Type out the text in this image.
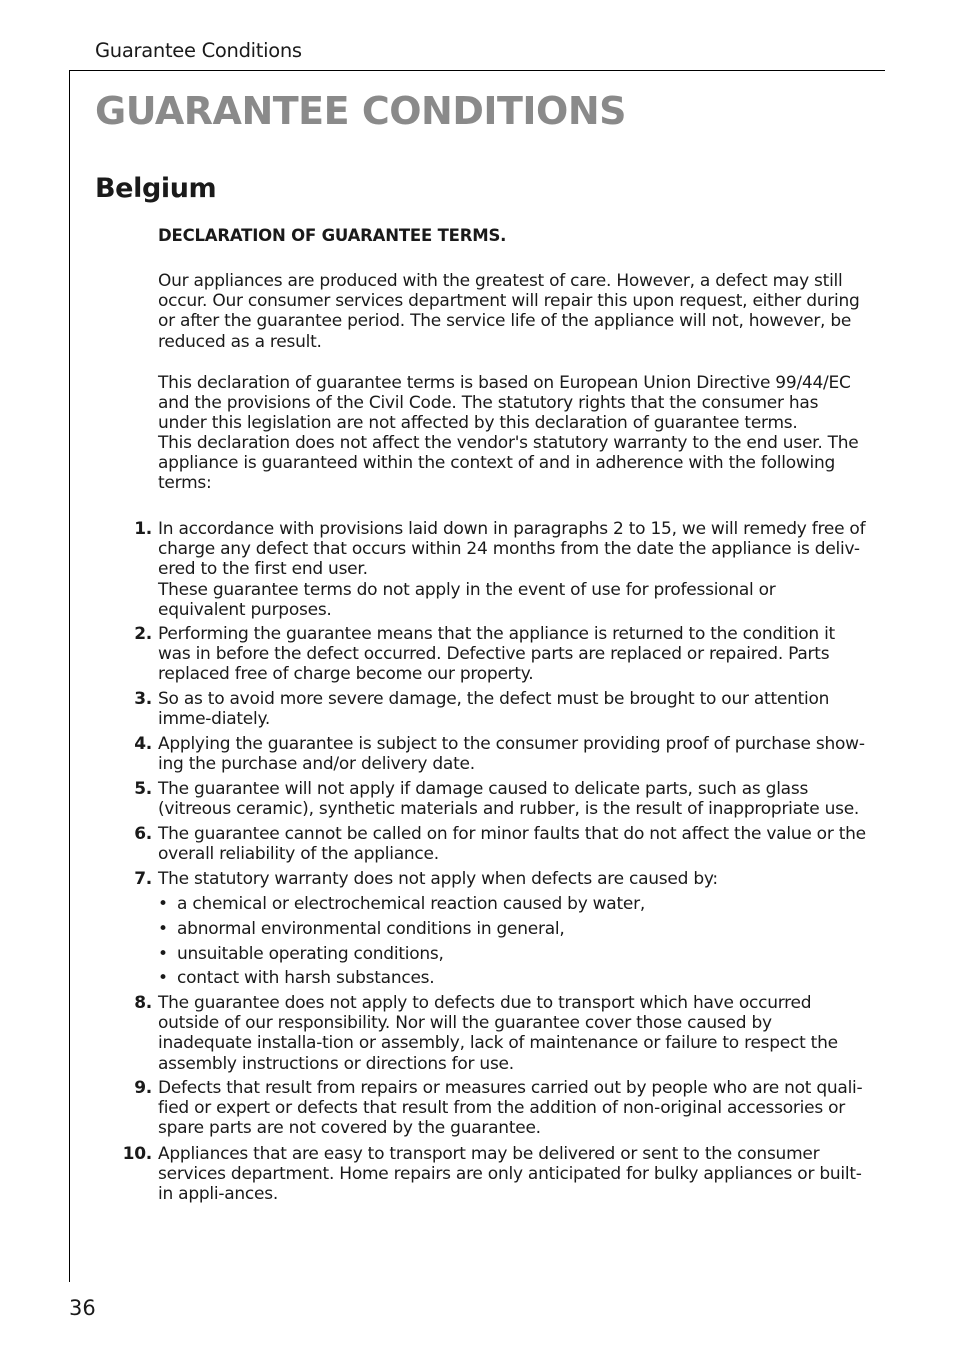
Guarantee Conditions
GUARANTEE CONDITIONS
Belgium

DECLARATION OF GUARANTEE TERMS.

Our appliances are produced with the greatest of care. However, a defect may still occur. Our consumer services department will repair this upon request, either during or after the guarantee period. The service life of the appliance will not, however, be reduced as a result.

This declaration of guarantee terms is based on European Union Directive 99/44/EC and the provisions of the Civil Code. The statutory rights that the consumer has under this legislation are not affected by this declaration of guarantee terms.

This declaration does not affect the vendor's statutory warranty to the end user. The appliance is guaranteed within the context of and in adherence with the following terms:

1. In accordance with provisions laid down in paragraphs 2 to 15, we will remedy free of charge any defect that occurs within 24 months from the date the appliance is deliv-ered to the first end user.
These guarantee terms do not apply in the event of use for professional or equivalent purposes.
2. Performing the guarantee means that the appliance is returned to the condition it was in before the defect occurred. Defective parts are replaced or repaired. Parts replaced free of charge become our property.
3. So as to avoid more severe damage, the defect must be brought to our attention imme-diately.
4. Applying the guarantee is subject to the consumer providing proof of purchase show-ing the purchase and/or delivery date.
5. The guarantee will not apply if damage caused to delicate parts, such as glass (vitreous ceramic), synthetic materials and rubber, is the result of inappropriate use.
6. The guarantee cannot be called on for minor faults that do not affect the value or the overall reliability of the appliance.
7. The statutory warranty does not apply when defects are caused by:
• a chemical or electrochemical reaction caused by water,
• abnormal environmental conditions in general,
• unsuitable operating conditions,
• contact with harsh substances.
8. The guarantee does not apply to defects due to transport which have occurred outside of our responsibility. Nor will the guarantee cover those caused by inadequate installa-tion or assembly, lack of maintenance or failure to respect the assembly instructions or directions for use.
9. Defects that result from repairs or measures carried out by people who are not quali-fied or expert or defects that result from the addition of non-original accessories or spare parts are not covered by the guarantee.
10. Appliances that are easy to transport may be delivered or sent to the consumer services department. Home repairs are only anticipated for bulky appliances or built-in appli-ances.
36
